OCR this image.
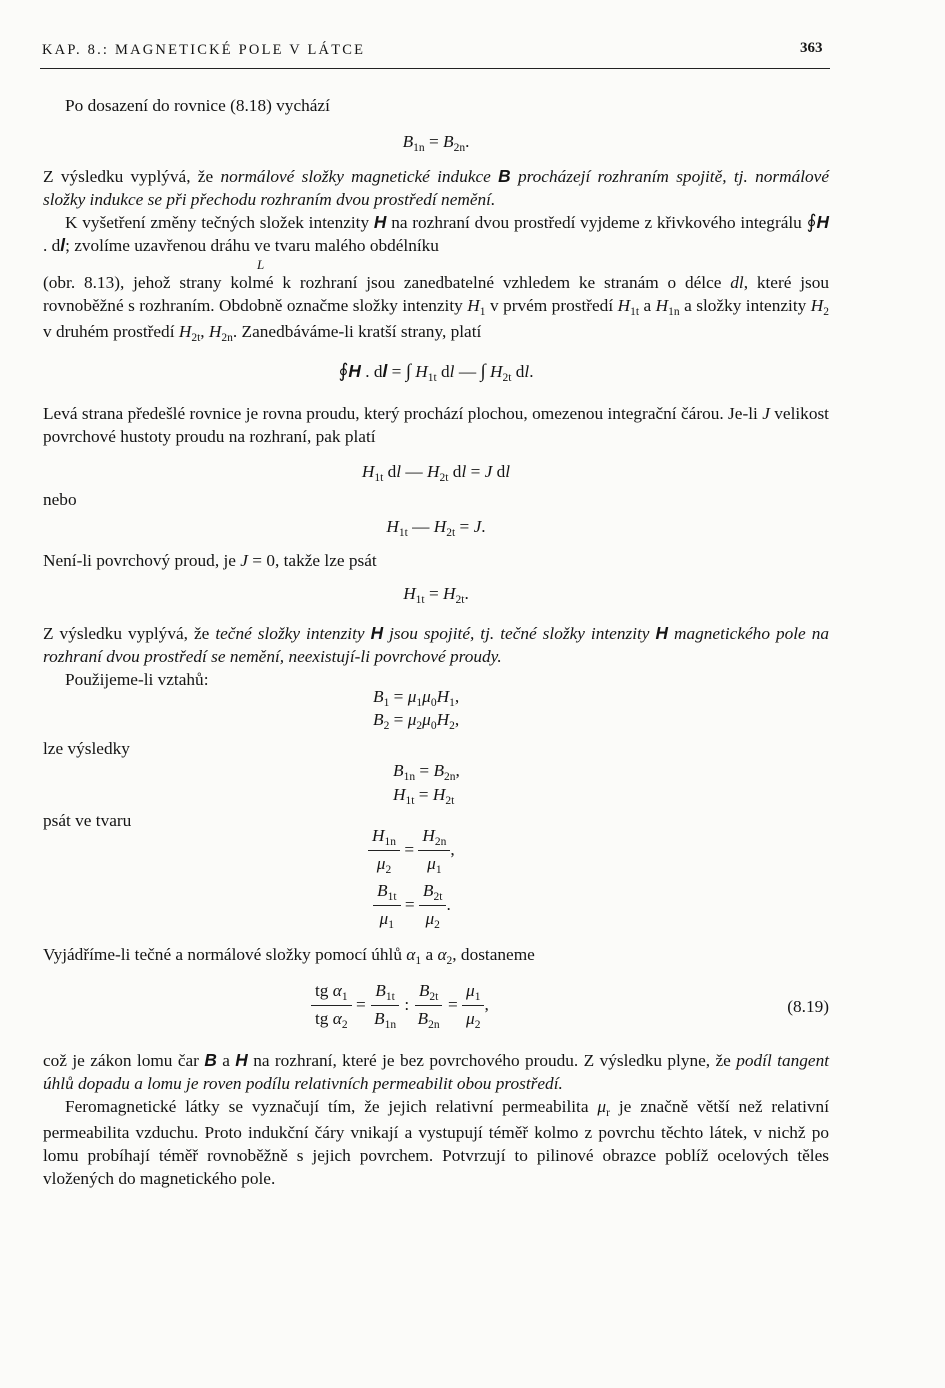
KAP. 8.: MAGNETICKÉ POLE V LÁTCE	363

Po dosazení do rovnice (8.18) vychází

$B_{1n} = B_{2n}$.

Z výsledku vyplývá, že normálové složky magnetické indukce B procházejí rozhraním spojitě, tj. normálové složky indukce se při přechodu rozhraním dvou prostředí nemění.

K vyšetření změny tečných složek intenzity H na rozhraní dvou prostředí vyjdeme z křivkového integrálu ∮H . dl; zvolíme uzavřenou dráhu ve tvaru malého obdélníku

L

(obr. 8.13), jehož strany kolmé k rozhraní jsou zanedbatelné vzhledem ke stranám o délce dl, které jsou rovnoběžné s rozhraním. Obdobně označme složky intenzity $H_1$ v prvém prostředí $H_{1t}$ a $H_{1n}$ a složky intenzity $H_2$ v druhém prostředí $H_{2t}$, $H_{2n}$. Zanedbáváme-li kratší strany, platí

∮H . dl = ∫ $H_{1t}$ dl — ∫ $H_{2t}$ dl.

Levá strana předešlé rovnice je rovna proudu, který prochází plochou, omezenou integrační čárou. Je-li J velikost povrchové hustoty proudu na rozhraní, pak platí

$H_{1t}$ dl — $H_{2t}$ dl = J dl

nebo

$H_{1t}$ — $H_{2t} = J$.

Není-li povrchový proud, je J = 0, takže lze psát

$H_{1t} = H_{2t}$.

Z výsledku vyplývá, že tečné složky intenzity H jsou spojité, tj. tečné složky intenzity H magnetického pole na rozhraní dvou prostředí se nemění, neexistují-li povrchové proudy.

Použijeme-li vztahů:

$B_1 = \mu_1\mu_0H_1$,
$B_2 = \mu_2\mu_0H_2$,
lze výsledky
$B_{1n} = B_{2n}$,
$H_{1t} = H_{2t}$
psát ve tvaru
$\frac{H_{1n}}{\mu_2} = \frac{H_{2n}}{\mu_1}$ ,
$\frac{B_{1t}}{\mu_1} = \frac{B_{2t}}{\mu_2}$ .

Vyjádříme-li tečné a normálové složky pomocí úhlů $\alpha_1$ a $\alpha_2$, dostaneme

$\frac{tg \alpha_1}{tg \alpha_2} = \frac{B_{1t}}{B_{1n}}$ : $\frac{B_{2t}}{B_{2n}} = \frac{\mu_1}{\mu_2}$ ,	(8.19)

což je zákon lomu čar B a H na rozhraní, které je bez povrchového proudu. Z výsledku plyne, že podíl tangent úhlů dopadu a lomu je roven podílu relativních permeabilit obou prostředí.

Feromagnetické látky se vyznačují tím, že jejich relativní permeabilita $\mu_r$ je značně větší než relativní permeabilita vzduchu. Proto indukční čáry vnikají a vystupují téměř kolmo z povrchu těchto látek, v nichž po lomu probíhají téměř rovnoběžně s jejich povrchem. Potvrzují to pilinové obrazce poblíž ocelových těles vložených do magnetického pole.
